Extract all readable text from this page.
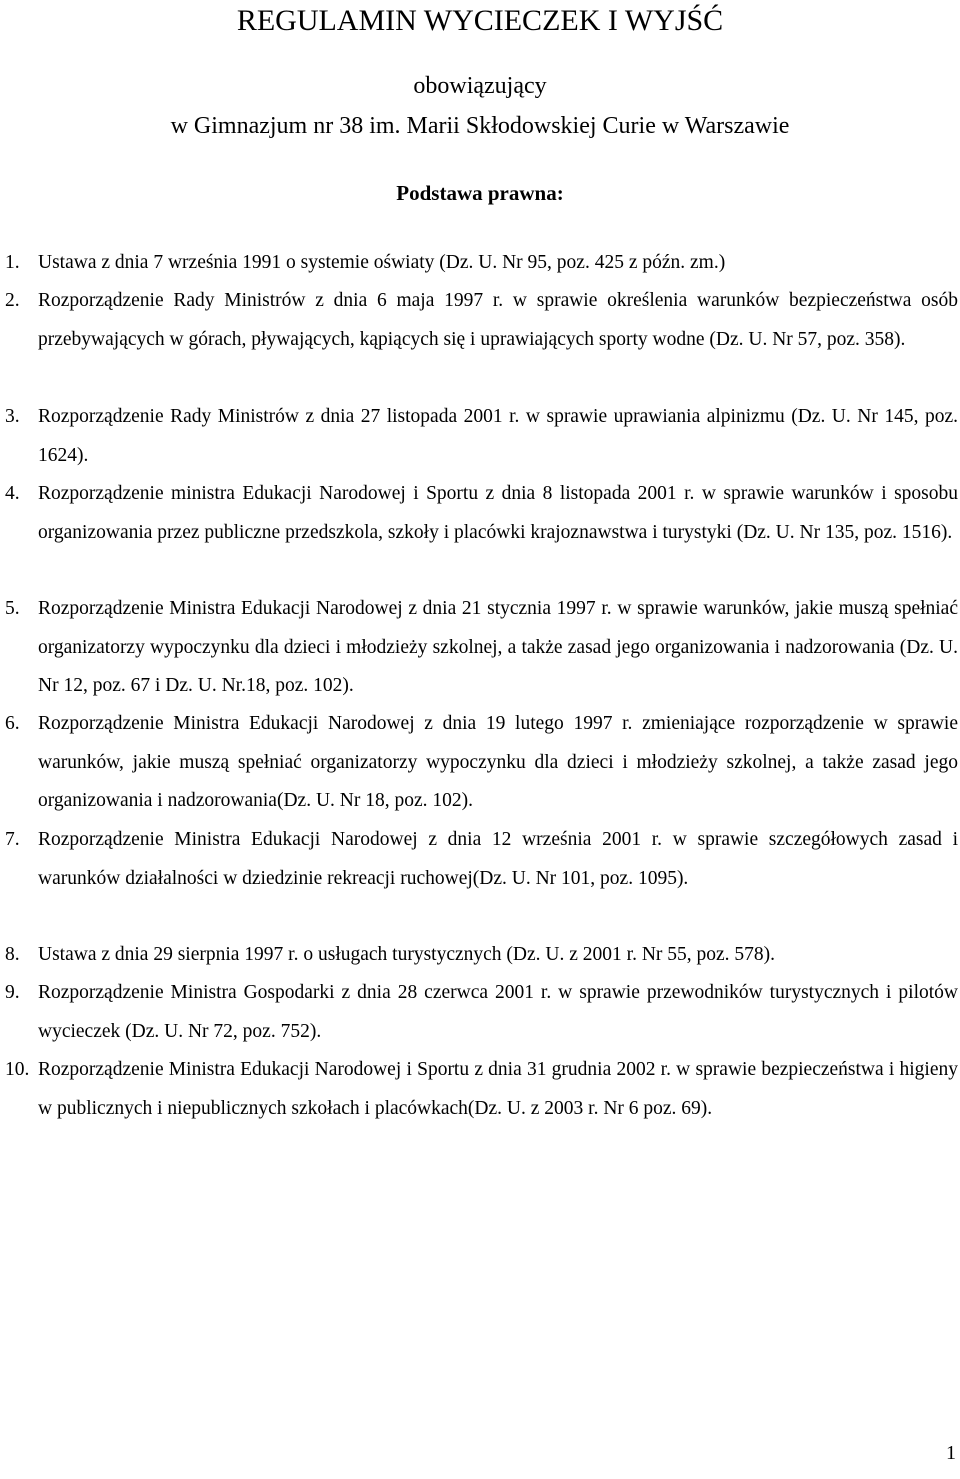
REGULAMIN WYCIECZEK I WYJŚĆ

obowiązujący

w Gimnazjum nr 38 im. Marii Skłodowskiej Curie w Warszawie

Podstawa prawna:

1. Ustawa z dnia 7 września 1991 o systemie oświaty (Dz. U. Nr 95, poz. 425 z późn. zm.)
2. Rozporządzenie Rady Ministrów z dnia 6 maja 1997 r. w sprawie określenia warunków bezpieczeństwa osób przebywających w górach, pływających, kąpiących się i uprawiających sporty wodne (Dz. U. Nr 57, poz. 358).
3. Rozporządzenie Rady Ministrów z dnia 27 listopada 2001 r. w sprawie uprawiania alpinizmu (Dz. U. Nr 145, poz. 1624).
4. Rozporządzenie ministra Edukacji Narodowej i Sportu z dnia 8 listopada 2001 r. w sprawie warunków i sposobu organizowania przez publiczne przedszkola, szkoły i placówki krajoznawstwa i turystyki (Dz. U. Nr 135, poz. 1516).
5. Rozporządzenie Ministra Edukacji Narodowej z dnia 21 stycznia 1997 r. w sprawie warunków, jakie muszą spełniać organizatorzy wypoczynku dla dzieci i młodzieży szkolnej, a także zasad jego organizowania i nadzorowania (Dz. U. Nr 12, poz. 67 i Dz. U. Nr.18, poz. 102).
6. Rozporządzenie Ministra Edukacji Narodowej z dnia 19 lutego 1997 r. zmieniające rozporządzenie w sprawie warunków, jakie muszą spełniać organizatorzy wypoczynku dla dzieci i młodzieży szkolnej, a także zasad jego organizowania i nadzorowania(Dz. U. Nr 18, poz. 102).
7. Rozporządzenie Ministra Edukacji Narodowej z dnia 12 września 2001 r. w sprawie szczegółowych zasad i warunków działalności w dziedzinie rekreacji ruchowej(Dz. U. Nr 101, poz. 1095).
8. Ustawa z dnia 29 sierpnia 1997 r. o usługach turystycznych (Dz. U. z 2001 r. Nr 55, poz. 578).
9. Rozporządzenie Ministra Gospodarki z dnia 28 czerwca 2001 r. w sprawie przewodników turystycznych i pilotów wycieczek (Dz. U. Nr 72, poz. 752).
10. Rozporządzenie Ministra Edukacji Narodowej i Sportu z dnia 31 grudnia 2002 r. w sprawie bezpieczeństwa i higieny w publicznych i niepublicznych szkołach i placówkach(Dz. U. z 2003 r. Nr 6 poz. 69).
1
